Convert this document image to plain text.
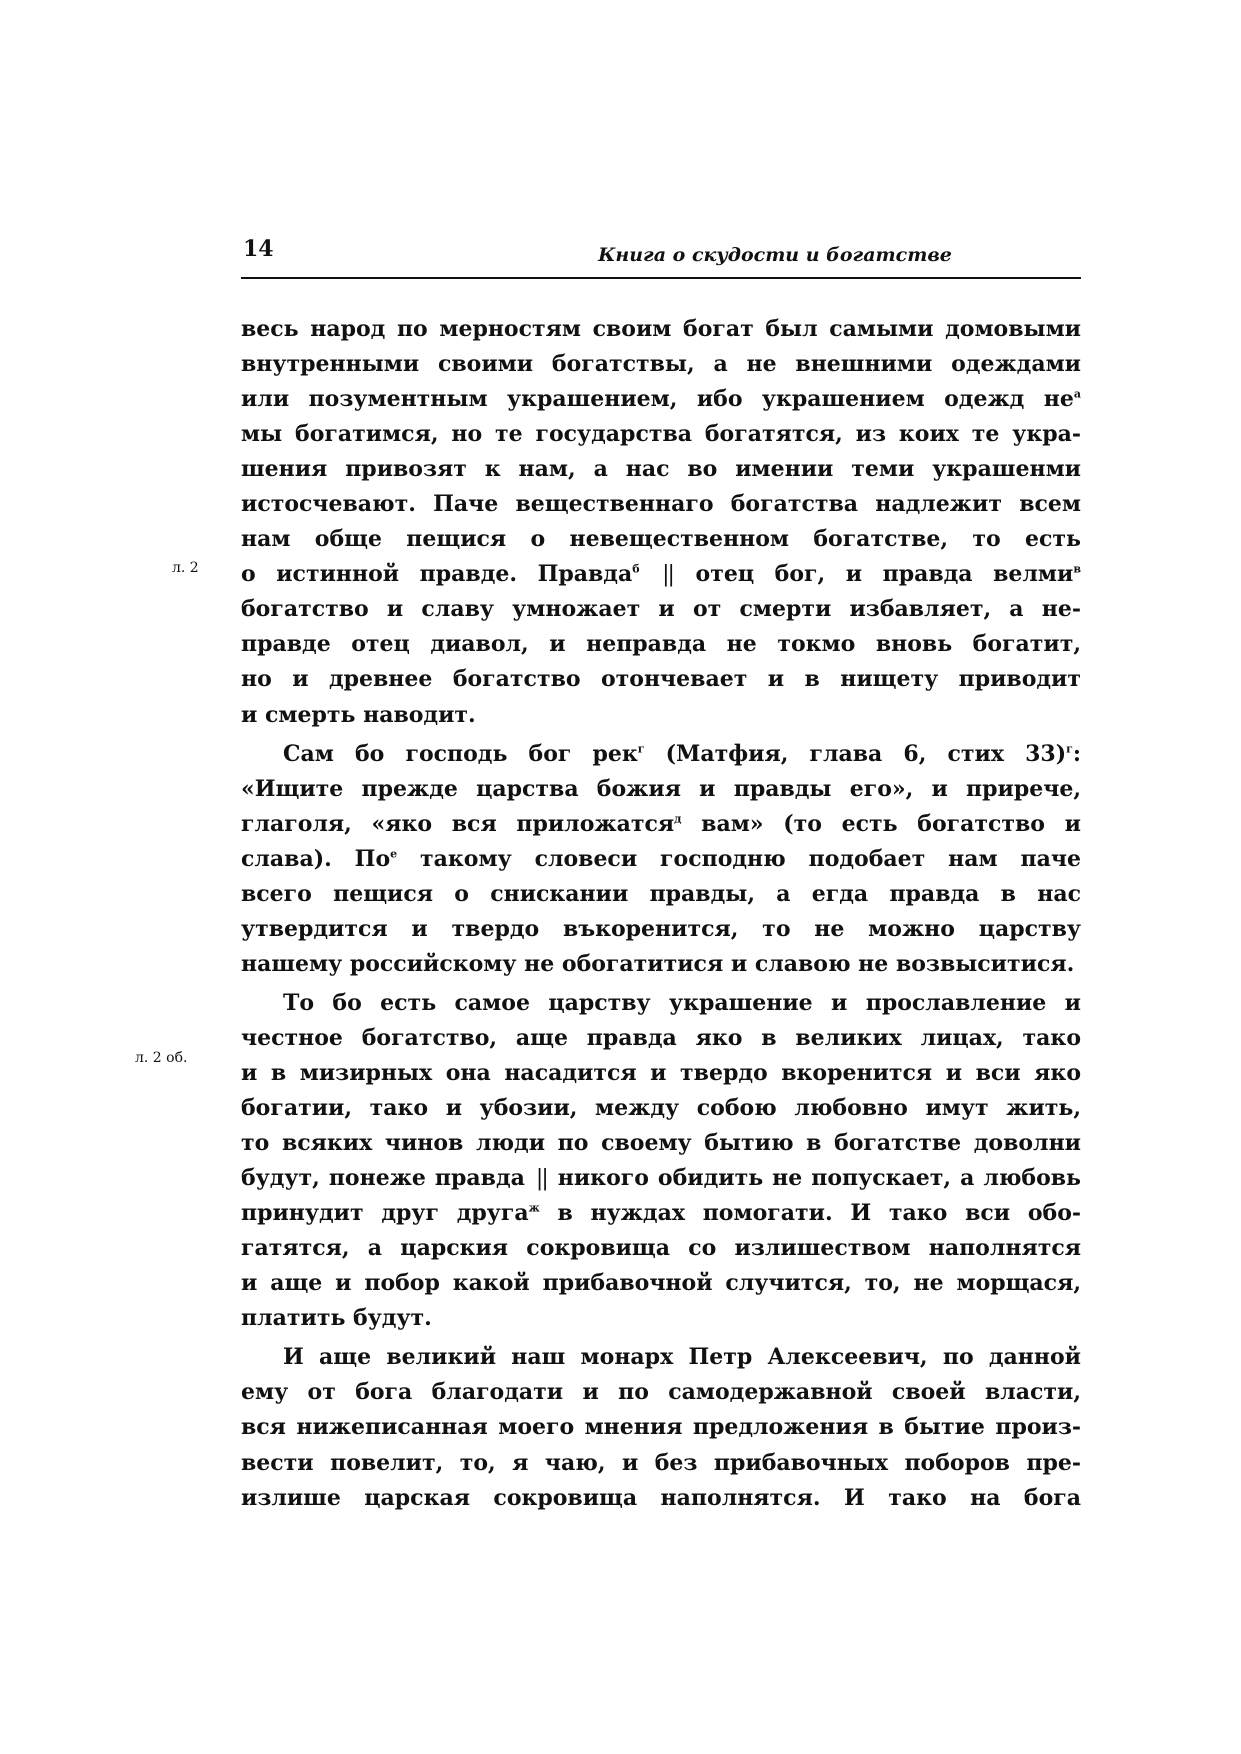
14	Книга о скудости и богатстве
л. 2
л. 2 об.
весь народ по мерностям своим богат был самыми домовыми
внутренными своими богатствы, а не внешними одеждами
или позументным украшением, ибо украшением одежд $не^а$
мы богатимся, но те государства богатятся, из коих те укра-
шения привозят к нам, а нас во имении теми украшенми
истосчевают. Паче вещественнаго богатства надлежит всем
нам обще пещися о невещественном богатстве, то есть
о истинной правде. Правда$^б$ || отец бог, и правда велми$^в$
богатство и славу умножает и от смерти избавляет, а не-
правде отец диавол, и неправда не токмо вновь богатит,
но и древнее богатство отончевает и в нищету приводит
и смерть наводит.
Сам бо господь бог рек$^г$ (Матфия, глава 6, стих 33)$^г$:
«Ищите прежде царства божия и правды его», и прирече,
глаголя, «яко вся приложатся$^д$ вам» (то есть богатство и
слава). $По^е$ такому словеси господню подобает нам паче
всего пещися о снискании правды, а егда правда в нас
утвердится и твердо въкоренится, то не можно царству
нашему российскому не обогатитися и славою не возвыситися.
То бо есть самое царству украшение и прославление и
честное богатство, аще правда яко в великих лицах, тако
и в мизирных она насадится и твердо вкоренится и вси яко
богатии, тако и убозии, между собою любовно имут жить,
то всяких чинов люди по своему бытию в богатстве доволни
будут, понеже правда || никого обидить не попускает, а любовь
принудит друг друга$^ж$ в нуждах помогати. И тако вси обо-
гатятся, а царския сокровища со излишеством наполнятся
и аще и побор какой прибавочной случится, то, не морщася,
платить будут.
И аще великий наш монарх Петр Алексеевич, по данной
ему от бога благодати и по самодержавной своей власти,
вся нижеписанная моего мнения предложения в бытие произ-
вести повелит, то, я чаю, и без прибавочных поборов пре-
излише царская сокровища наполнятся. И тако на бога
